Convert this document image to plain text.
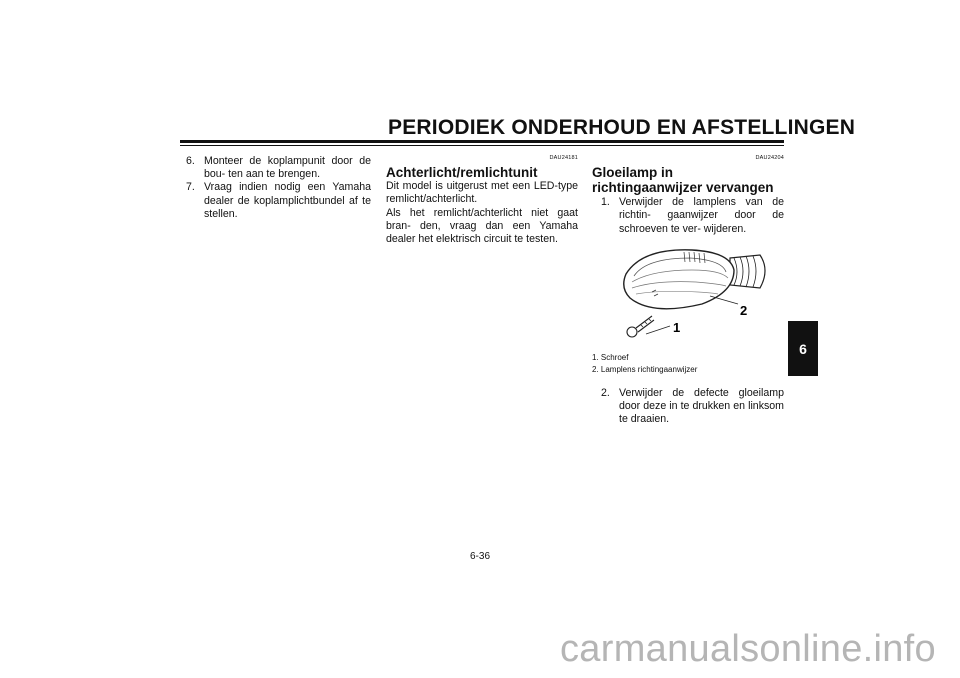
PERIODIEK ONDERHOUD EN AFSTELLINGEN
6
6. Monteer de koplampunit door de bou- ten aan te brengen.
7. Vraag indien nodig een Yamaha dealer de koplamplichtbundel af te stellen.
DAU24181
Achterlicht/remlichtunit
Dit model is uitgerust met een LED-type remlicht/achterlicht.
Als het remlicht/achterlicht niet gaat bran- den, vraag dan een Yamaha dealer het elektrisch circuit te testen.
DAU24204
Gloeilamp in richtingaanwijzer vervangen
1. Verwijder de lamplens van de richtin- gaanwijzer door de schroeven te ver- wijderen.
1
2
1. Schroef
2. Lamplens richtingaanwijzer
2. Verwijder de defecte gloeilamp door deze in te drukken en linksom te draaien.
6-36
carmanualsonline.info
